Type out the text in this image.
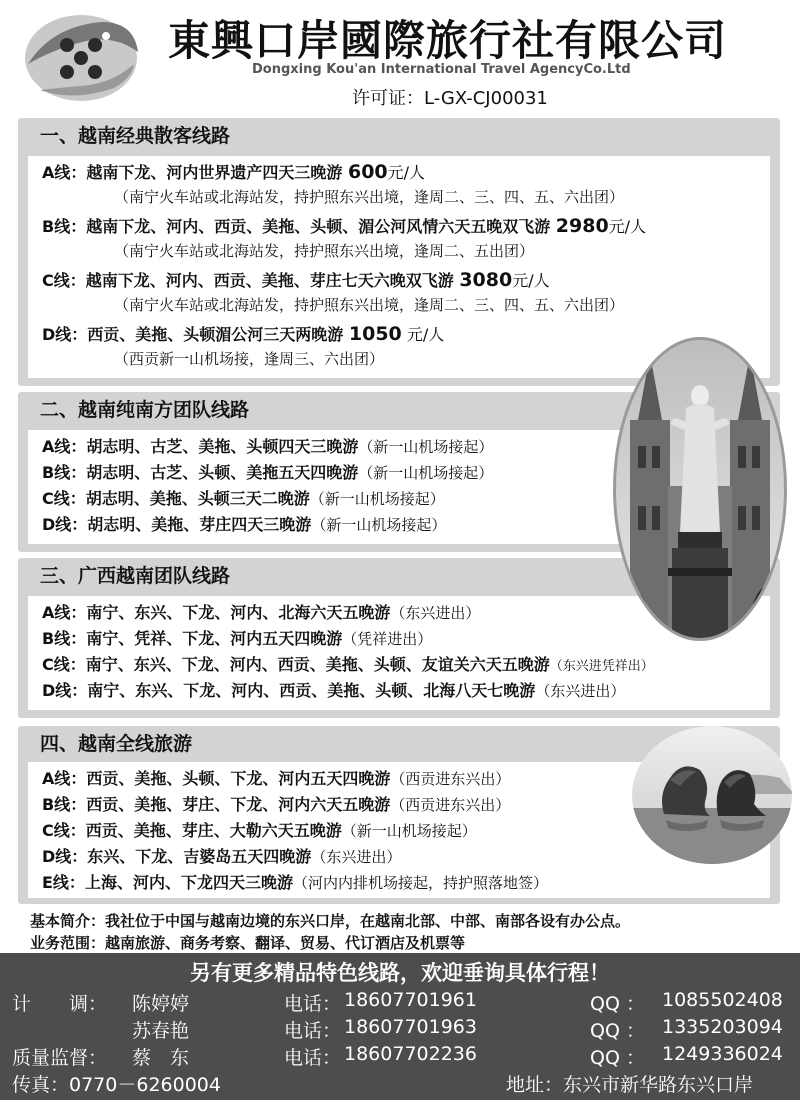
東興口岸國際旅行社有限公司
Dongxing Kou'an International Travel AgencyCo.Ltd
许可证：L-GX-CJ00031
一、越南经典散客线路
A线：越南下龙、河内世界遗产四天三晚游 600元/人
（南宁火车站或北海站发，持护照东兴出境，逢周二、三、四、五、六出团）
B线：越南下龙、河内、西贡、美拖、头顿、湄公河风情六天五晚双飞游 2980元/人
（南宁火车站或北海站发，持护照东兴出境，逢周二、五出团）
C线：越南下龙、河内、西贡、美拖、芽庄七天六晚双飞游 3080元/人
（南宁火车站或北海站发，持护照东兴出境，逢周二、三、四、五、六出团）
D线：西贡、美拖、头顿湄公河三天两晚游 1050 元/人
（西贡新一山机场接，逢周三、六出团）
二、越南纯南方团队线路
A线：胡志明、古芝、美拖、头顿四天三晚游（新一山机场接起）
B线：胡志明、古芝、头顿、美拖五天四晚游（新一山机场接起）
C线：胡志明、美拖、头顿三天二晚游（新一山机场接起）
D线：胡志明、美拖、芽庄四天三晚游（新一山机场接起）
三、广西越南团队线路
A线：南宁、东兴、下龙、河内、北海六天五晚游（东兴进出）
B线：南宁、凭祥、下龙、河内五天四晚游（凭祥进出）
C线：南宁、东兴、下龙、河内、西贡、美拖、头顿、友谊关六天五晚游（东兴进凭祥出）
D线：南宁、东兴、下龙、河内、西贡、美拖、头顿、北海八天七晚游（东兴进出）
四、越南全线旅游
A线：西贡、美拖、头顿、下龙、河内五天四晚游（西贡进东兴出）
B线：西贡、美拖、芽庄、下龙、河内六天五晚游（西贡进东兴出）
C线：西贡、美拖、芽庄、大勒六天五晚游（新一山机场接起）
D线：东兴、下龙、吉婆岛五天四晚游（东兴进出）
E线：上海、河内、下龙四天三晚游（河内内排机场接起，持护照落地签）
基本简介：我社位于中国与越南边境的东兴口岸，在越南北部、中部、南部各设有办公点。
业务范围：越南旅游、商务考察、翻译、贸易、代订酒店及机票等
另有更多精品特色线路，欢迎垂询具体行程！
计　　调： 陈婷婷	电话： 18607701961	QQ ： 1085502408
苏春艳	电话： 18607701963	QQ ： 1335203094
质量监督： 蔡　东	电话： 18607702236	QQ ： 1249336024
传真：0770－6260004	地址：东兴市新华路东兴口岸
